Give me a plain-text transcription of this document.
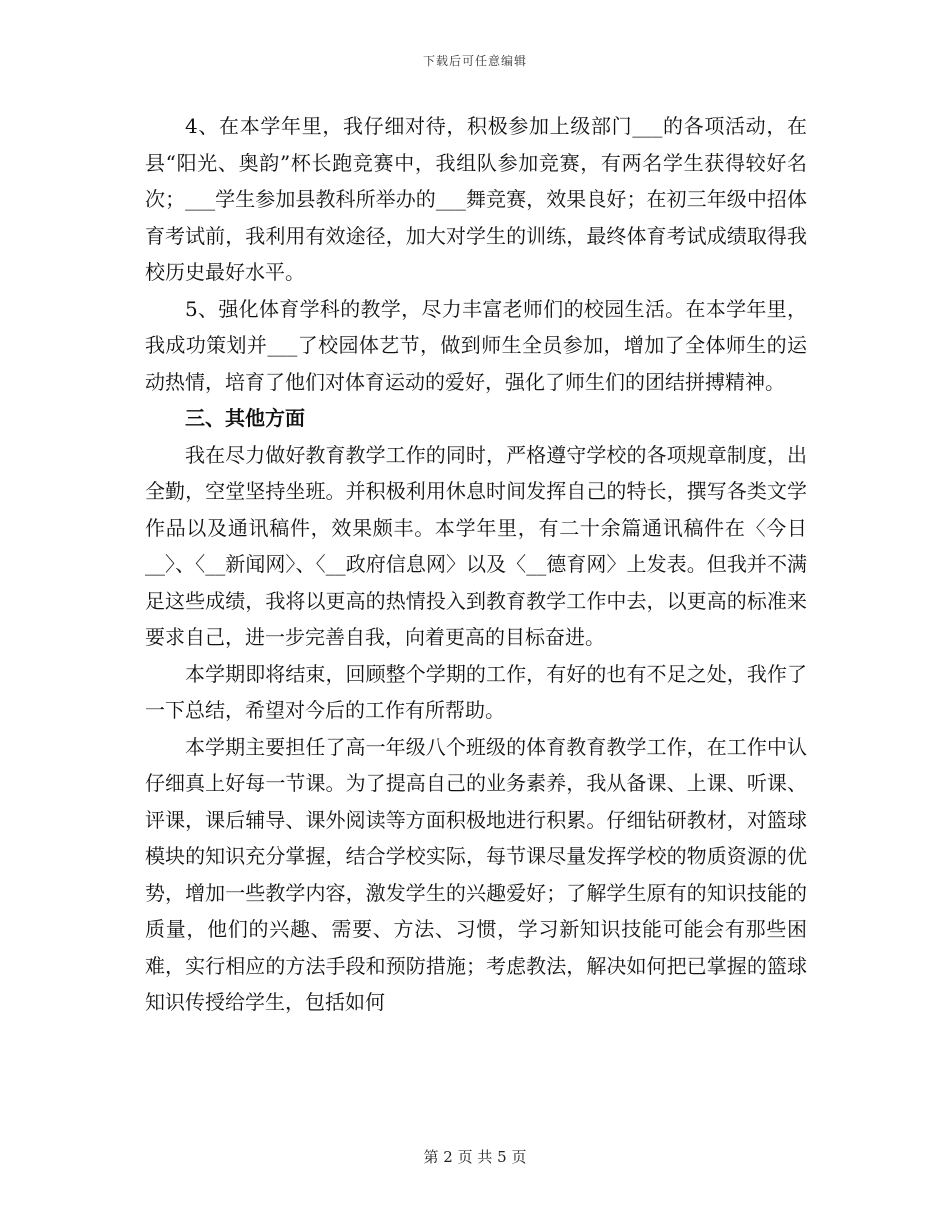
下载后可任意编辑

4、在本学年里，我仔细对待，积极参加上级部门___的各项活动，在县“阳光、奥韵”杯长跑竞赛中，我组队参加竞赛，有两名学生获得较好名次；___学生参加县教科所举办的___舞竞赛，效果良好；在初三年级中招体育考试前，我利用有效途径，加大对学生的训练，最终体育考试成绩取得我校历史最好水平。

5、强化体育学科的教学，尽力丰富老师们的校园生活。在本学年里，我成功策划并___了校园体艺节，做到师生全员参加，增加了全体师生的运动热情，培育了他们对体育运动的爱好，强化了师生们的团结拼搏精神。

三、其他方面

我在尽力做好教育教学工作的同时，严格遵守学校的各项规章制度，出全勤，空堂坚持坐班。并积极利用休息时间发挥自己的特长，撰写各类文学作品以及通讯稿件，效果颇丰。本学年里，有二十余篇通讯稿件在〈今日__〉、〈__新闻网〉、〈__政府信息网〉以及〈__德育网〉上发表。但我并不满足这些成绩，我将以更高的热情投入到教育教学工作中去，以更高的标准来要求自己，进一步完善自我，向着更高的目标奋进。

本学期即将结束，回顾整个学期的工作，有好的也有不足之处，我作了一下总结，希望对今后的工作有所帮助。

本学期主要担任了高一年级八个班级的体育教育教学工作，在工作中认仔细真上好每一节课。为了提高自己的业务素养，我从备课、上课、听课、评课，课后辅导、课外阅读等方面积极地进行积累。仔细钻研教材，对篮球模块的知识充分掌握，结合学校实际，每节课尽量发挥学校的物质资源的优势，增加一些教学内容，激发学生的兴趣爱好；了解学生原有的知识技能的质量，他们的兴趣、需要、方法、习惯，学习新知识技能可能会有那些困难，实行相应的方法手段和预防措施；考虑教法，解决如何把已掌握的篮球知识传授给学生，包括如何

第 2 页 共 5 页
